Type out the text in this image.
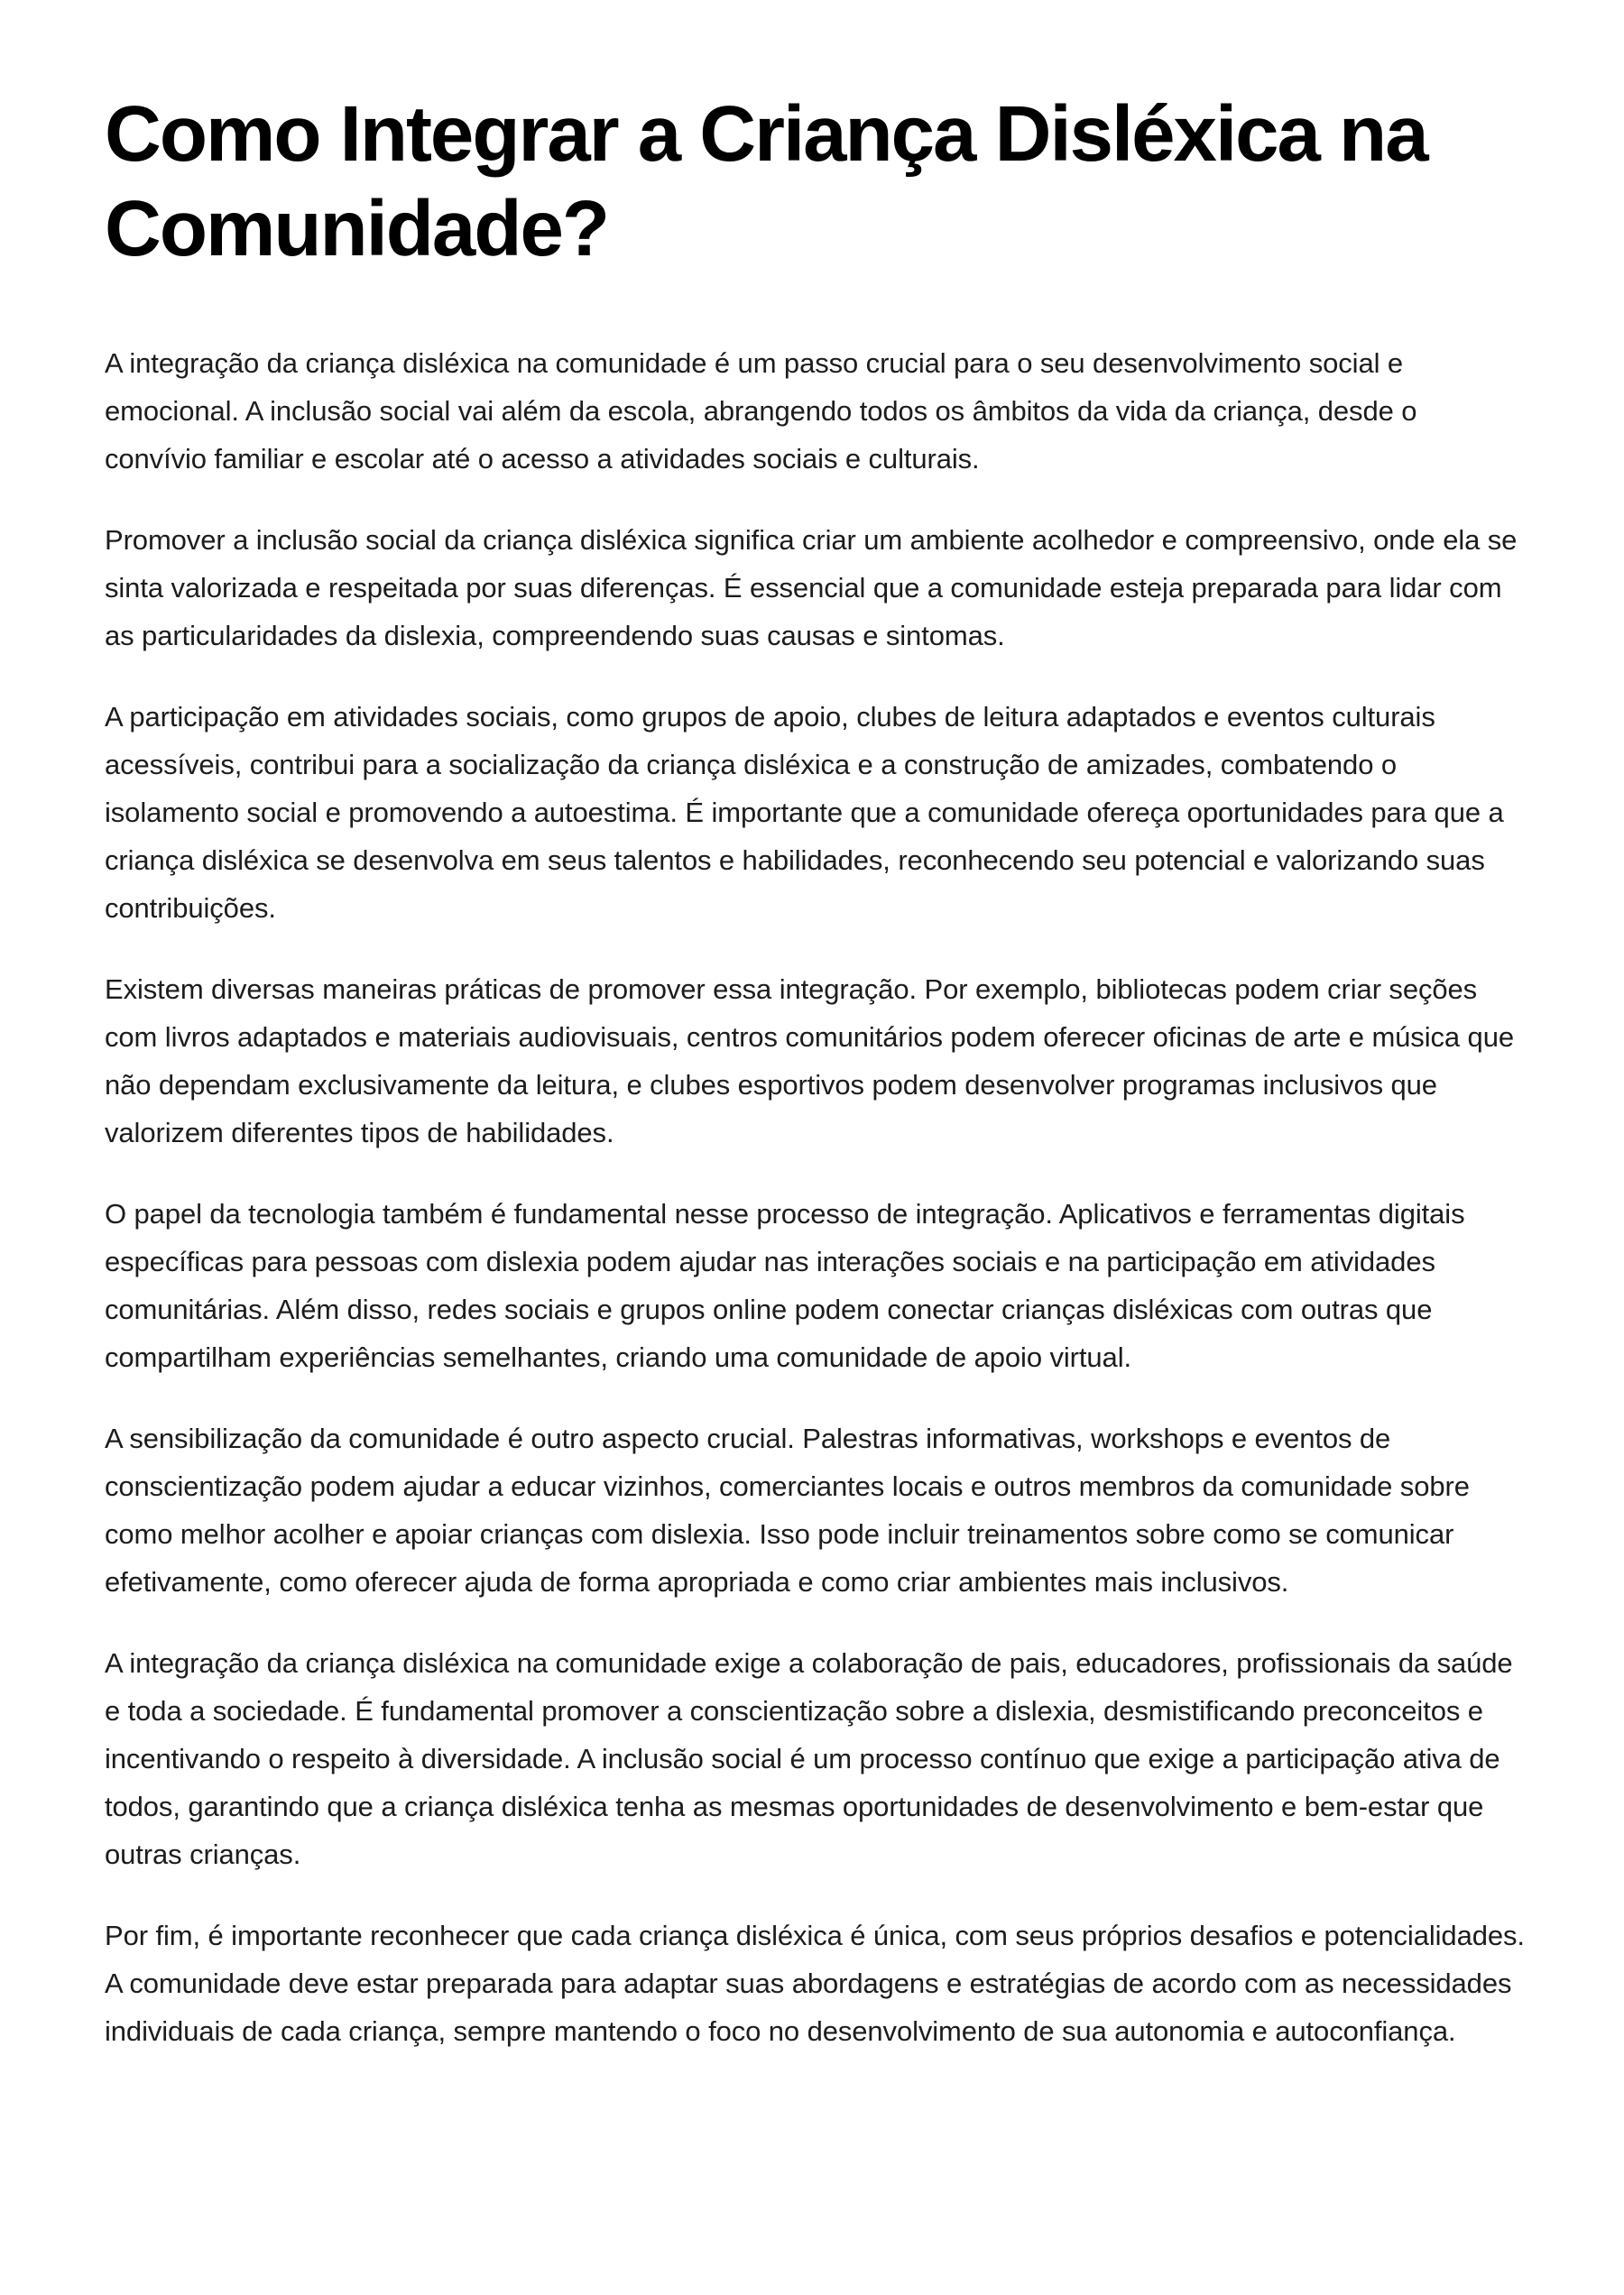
Como Integrar a Criança Disléxica na Comunidade?

A integração da criança disléxica na comunidade é um passo crucial para o seu desenvolvimento social e emocional. A inclusão social vai além da escola, abrangendo todos os âmbitos da vida da criança, desde o convívio familiar e escolar até o acesso a atividades sociais e culturais.

Promover a inclusão social da criança disléxica significa criar um ambiente acolhedor e compreensivo, onde ela se sinta valorizada e respeitada por suas diferenças. É essencial que a comunidade esteja preparada para lidar com as particularidades da dislexia, compreendendo suas causas e sintomas.

A participação em atividades sociais, como grupos de apoio, clubes de leitura adaptados e eventos culturais acessíveis, contribui para a socialização da criança disléxica e a construção de amizades, combatendo o isolamento social e promovendo a autoestima. É importante que a comunidade ofereça oportunidades para que a criança disléxica se desenvolva em seus talentos e habilidades, reconhecendo seu potencial e valorizando suas contribuições.

Existem diversas maneiras práticas de promover essa integração. Por exemplo, bibliotecas podem criar seções com livros adaptados e materiais audiovisuais, centros comunitários podem oferecer oficinas de arte e música que não dependam exclusivamente da leitura, e clubes esportivos podem desenvolver programas inclusivos que valorizem diferentes tipos de habilidades.

O papel da tecnologia também é fundamental nesse processo de integração. Aplicativos e ferramentas digitais específicas para pessoas com dislexia podem ajudar nas interações sociais e na participação em atividades comunitárias. Além disso, redes sociais e grupos online podem conectar crianças disléxicas com outras que compartilham experiências semelhantes, criando uma comunidade de apoio virtual.

A sensibilização da comunidade é outro aspecto crucial. Palestras informativas, workshops e eventos de conscientização podem ajudar a educar vizinhos, comerciantes locais e outros membros da comunidade sobre como melhor acolher e apoiar crianças com dislexia. Isso pode incluir treinamentos sobre como se comunicar efetivamente, como oferecer ajuda de forma apropriada e como criar ambientes mais inclusivos.

A integração da criança disléxica na comunidade exige a colaboração de pais, educadores, profissionais da saúde e toda a sociedade. É fundamental promover a conscientização sobre a dislexia, desmistificando preconceitos e incentivando o respeito à diversidade. A inclusão social é um processo contínuo que exige a participação ativa de todos, garantindo que a criança disléxica tenha as mesmas oportunidades de desenvolvimento e bem-estar que outras crianças.

Por fim, é importante reconhecer que cada criança disléxica é única, com seus próprios desafios e potencialidades. A comunidade deve estar preparada para adaptar suas abordagens e estratégias de acordo com as necessidades individuais de cada criança, sempre mantendo o foco no desenvolvimento de sua autonomia e autoconfiança.
